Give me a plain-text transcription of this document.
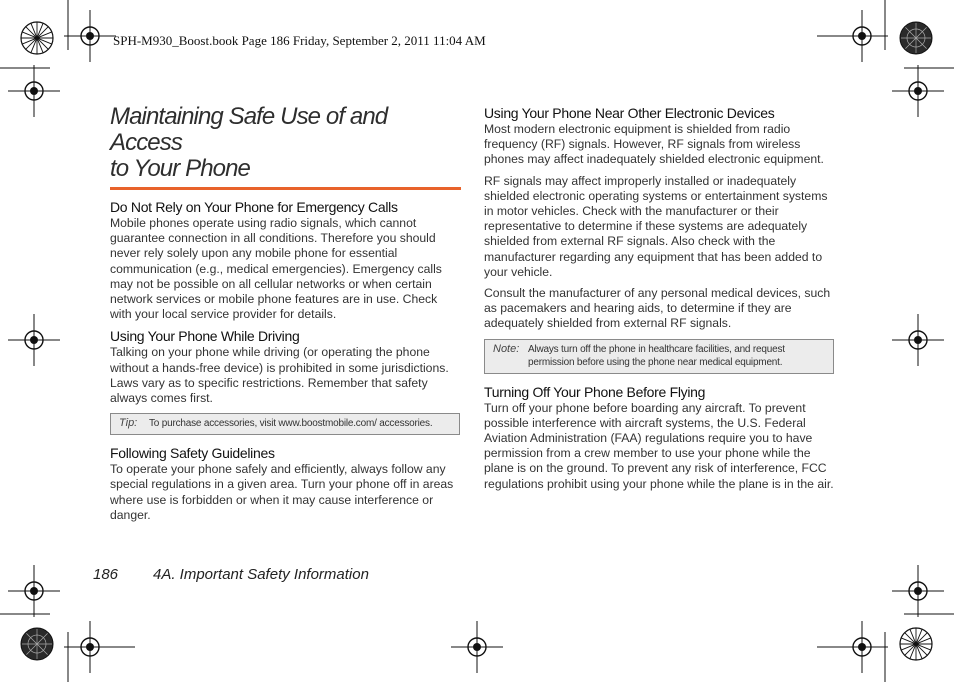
SPH-M930_Boost.book Page 186 Friday, September 2, 2011 11:04 AM
Maintaining Safe Use of and Access
to Your Phone
Do Not Rely on Your Phone for Emergency Calls

Mobile phones operate using radio signals, which cannot guarantee connection in all conditions. Therefore you should never rely solely upon any mobile phone for essential communication (e.g., medical emergencies). Emergency calls may not be possible on all cellular networks or when certain network services or mobile phone features are in use. Check with your local service provider for details.

Using Your Phone While Driving

Talking on your phone while driving (or operating the phone without a hands-free device) is prohibited in some jurisdictions. Laws vary as to specific restrictions. Remember that safety always comes first.

Tip:	To purchase accessories, visit www.boostmobile.com/ accessories.
Following Safety Guidelines

To operate your phone safely and efficiently, always follow any special regulations in a given area. Turn your phone off in areas where use is forbidden or when it may cause interference or danger.

Using Your Phone Near Other Electronic Devices

Most modern electronic equipment is shielded from radio frequency (RF) signals. However, RF signals from wireless phones may affect inadequately shielded electronic equipment.

RF signals may affect improperly installed or inadequately shielded electronic operating systems or entertainment systems in motor vehicles. Check with the manufacturer or their representative to determine if these systems are adequately shielded from external RF signals. Also check with the manufacturer regarding any equipment that has been added to your vehicle.

Consult the manufacturer of any personal medical devices, such as pacemakers and hearing aids, to determine if they are adequately shielded from external RF signals.

Note: Always turn off the phone in healthcare facilities, and request permission before using the phone near medical equipment.
Turning Off Your Phone Before Flying

Turn off your phone before boarding any aircraft. To prevent possible interference with aircraft systems, the U.S. Federal Aviation Administration (FAA) regulations require you to have permission from a crew member to use your phone while the plane is on the ground. To prevent any risk of interference, FCC regulations prohibit using your phone while the plane is in the air.

186 4A. Important Safety Information
